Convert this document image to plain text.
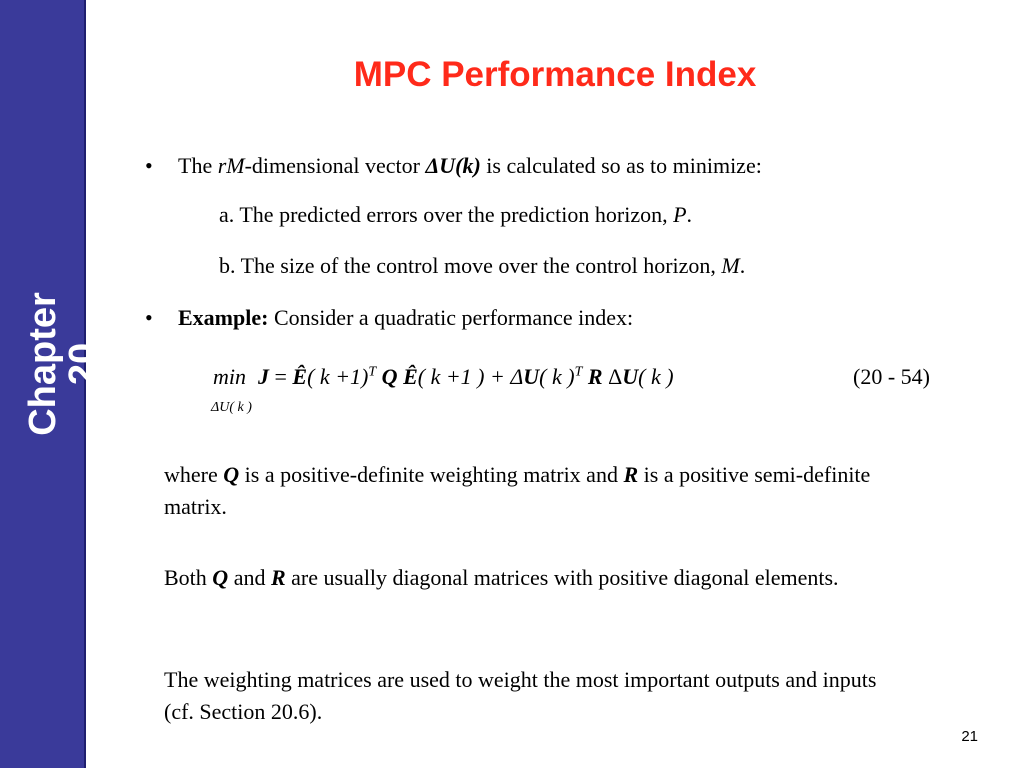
Chapter 20
MPC Performance Index
• The rM-dimensional vector ΔU(k) is calculated so as to minimize:
a. The predicted errors over the prediction horizon, P.
b. The size of the control move over the control horizon, M.
• Example: Consider a quadratic performance index:
min J = Ê( k +1)$^T$ Q Ê( k +1 ) + ΔU( k )$^T$ R ΔU( k )
ΔU( k )
(20 - 54)
where Q is a positive-definite weighting matrix and R is a positive semi-definite matrix.
Both Q and R are usually diagonal matrices with positive diagonal elements.
The weighting matrices are used to weight the most important outputs and inputs (cf. Section 20.6).
21
